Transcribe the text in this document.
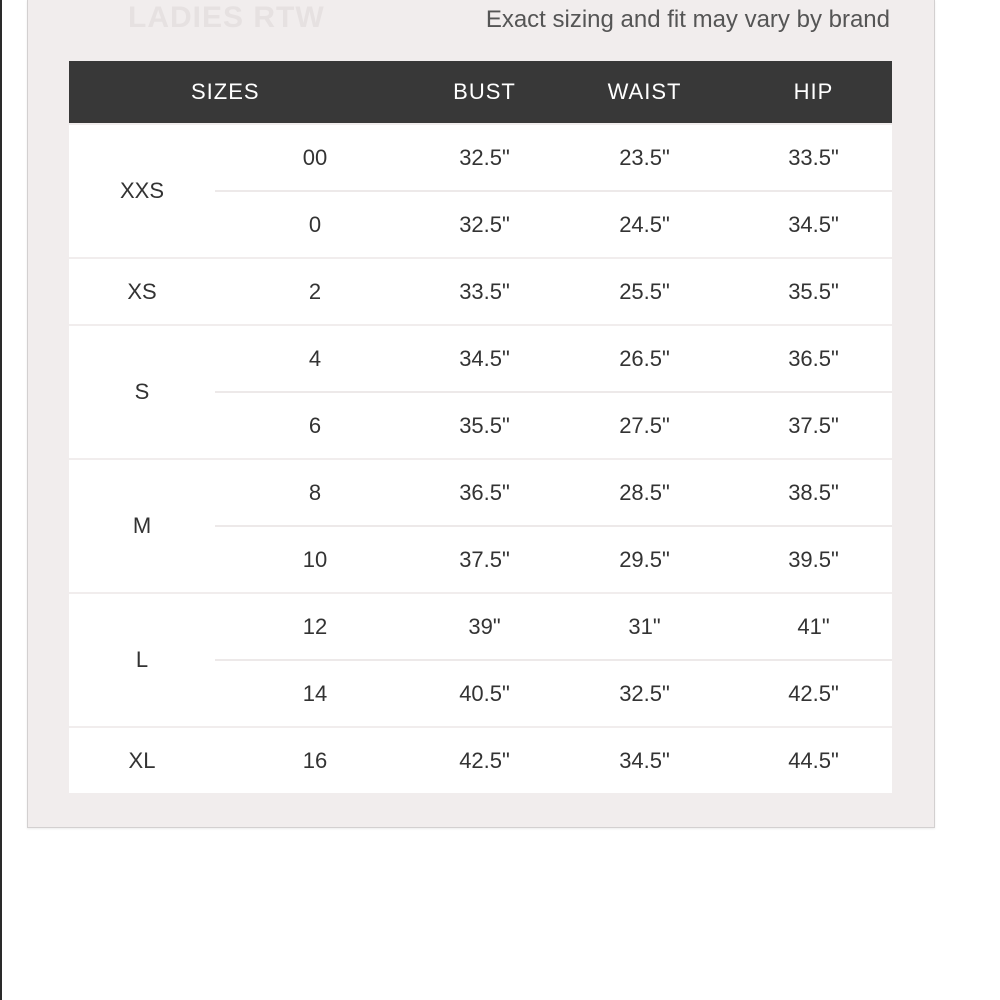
LADIES RTW	Exact sizing and fit may vary by brand
SIZES		BUST	WAIST	HIP
XXS	00	32.5"	23.5"	33.5"
	0	32.5"	24.5"	34.5"
XS	2	33.5"	25.5"	35.5"
S	4	34.5"	26.5"	36.5"
	6	35.5"	27.5"	37.5"
M	8	36.5"	28.5"	38.5"
	10	37.5"	29.5"	39.5"
L	12	39"	31"	41"
	14	40.5"	32.5"	42.5"
XL	16	42.5"	34.5"	44.5"
